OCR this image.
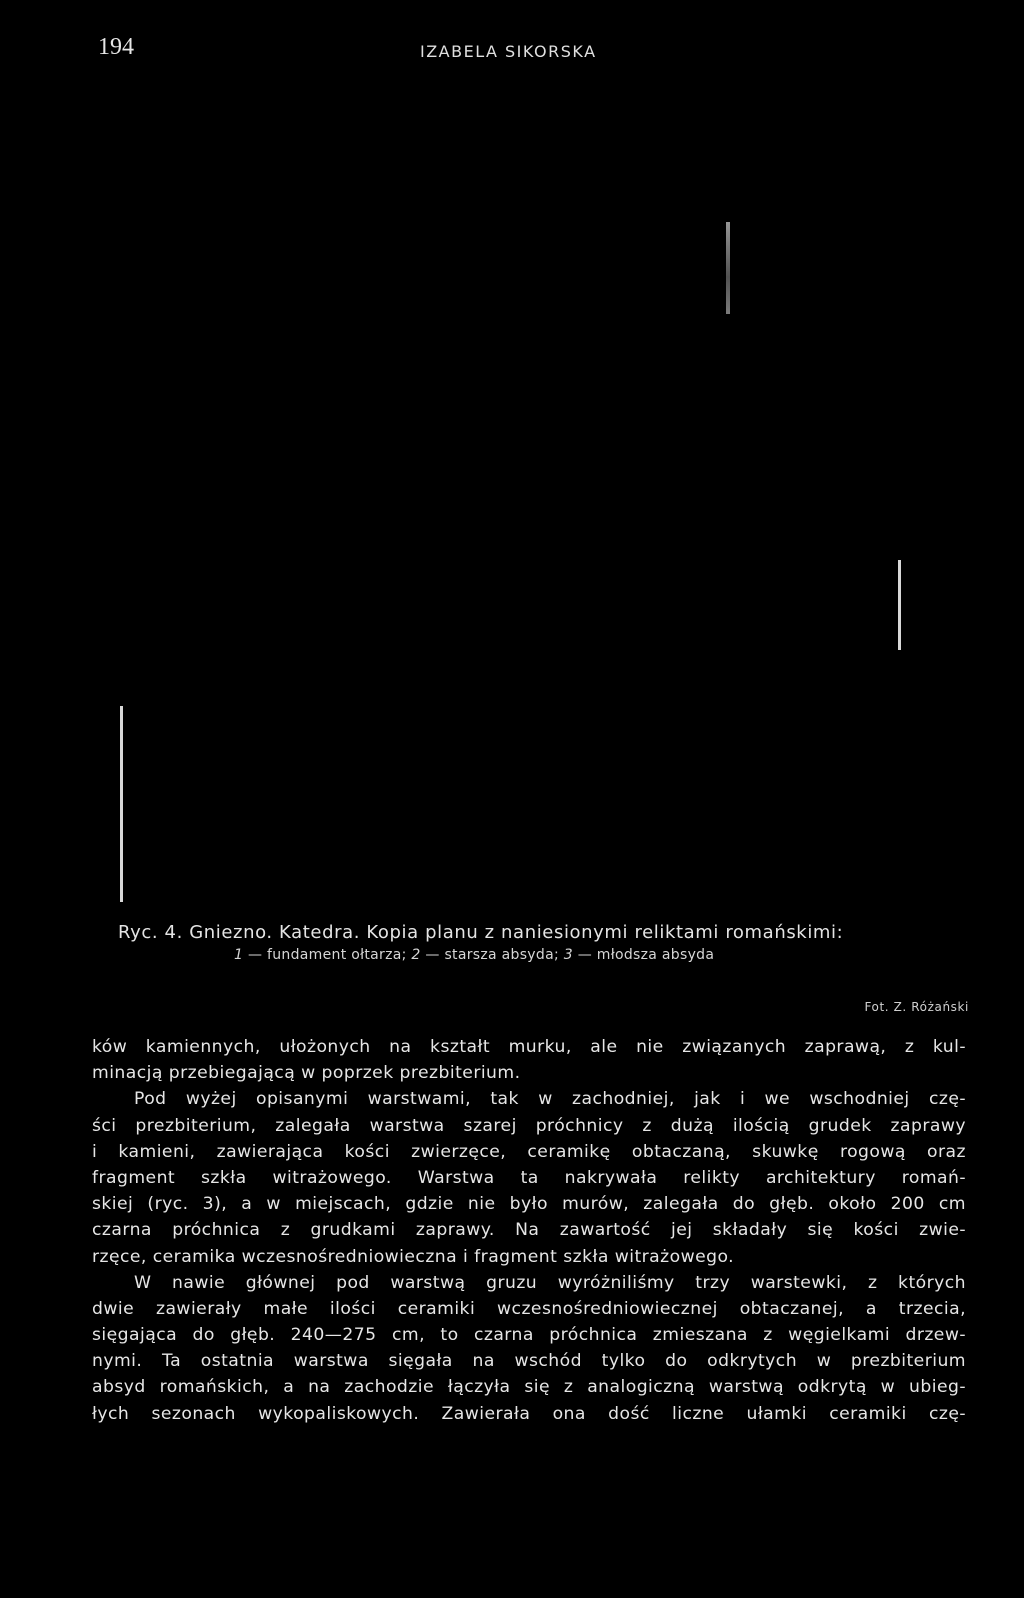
194	IZABELA SIKORSKA
Ryc. 4. Gniezno. Katedra. Kopia planu z naniesionymi reliktami romańskimi:
1 — fundament ołtarza; 2 — starsza absyda; 3 — młodsza absyda
Fot. Z. Różański
ków kamiennych, ułożonych na kształt murku, ale nie związanych zaprawą, z kul-
minacją przebiegającą w poprzek prezbiterium.
Pod wyżej opisanymi warstwami, tak w zachodniej, jak i we wschodniej czę-
ści prezbiterium, zalegała warstwa szarej próchnicy z dużą ilością grudek zaprawy
i kamieni, zawierająca kości zwierzęce, ceramikę obtaczaną, skuwkę rogową oraz
fragment szkła witrażowego. Warstwa ta nakrywała relikty architektury romań-
skiej (ryc. 3), a w miejscach, gdzie nie było murów, zalegała do głęb. około 200 cm
czarna próchnica z grudkami zaprawy. Na zawartość jej składały się kości zwie-
rzęce, ceramika wczesnośredniowieczna i fragment szkła witrażowego.
W nawie głównej pod warstwą gruzu wyróżniliśmy trzy warstewki, z których
dwie zawierały małe ilości ceramiki wczesnośredniowiecznej obtaczanej, a trzecia,
sięgająca do głęb. 240—275 cm, to czarna próchnica zmieszana z węgielkami drzew-
nymi. Ta ostatnia warstwa sięgała na wschód tylko do odkrytych w prezbiterium
absyd romańskich, a na zachodzie łączyła się z analogiczną warstwą odkrytą w ubieg-
łych sezonach wykopaliskowych. Zawierała ona dość liczne ułamki ceramiki czę-
